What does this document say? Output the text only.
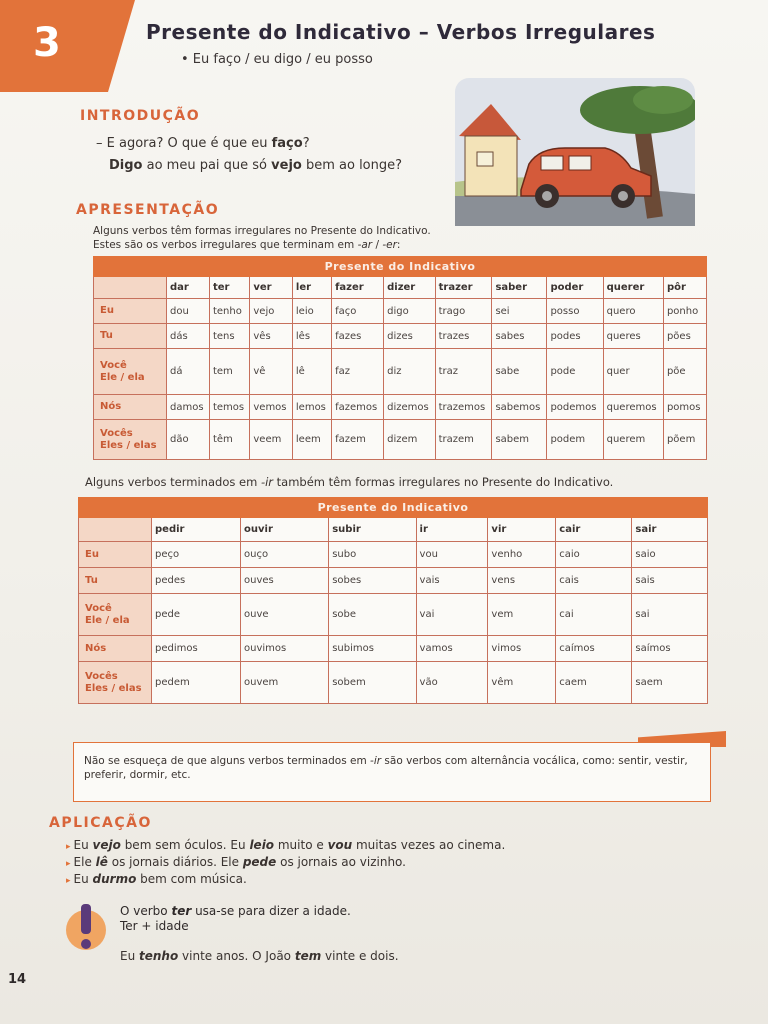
3	Presente do Indicativo – Verbos Irregulares
• Eu faço / eu digo / eu posso
INTRODUÇÃO
– E agora? O que é que eu faço?
Digo ao meu pai que só vejo bem ao longe?
APRESENTAÇÃO
Alguns verbos têm formas irregulares no Presente do Indicativo.
Estes são os verbos irregulares que terminam em -ar / -er:
Presente do Indicativo											
	dar	ter	ver	ler	fazer	dizer	trazer	saber	poder	querer	pôr
Eu	dou	tenho	vejo	leio	faço	digo	trago	sei	posso	quero	ponho
Tu	dás	tens	vês	lês	fazes	dizes	trazes	sabes	podes	queres	pões
Você
Ele / ela	dá	tem	vê	lê	faz	diz	traz	sabe	pode	quer	põe
Nós	damos	temos	vemos	lemos	fazemos	dizemos	trazemos	sabemos	podemos	queremos	pomos
Vocês
Eles / elas	dão	têm	veem	leem	fazem	dizem	trazem	sabem	podem	querem	põem
Alguns verbos terminados em -ir também têm formas irregulares no Presente do Indicativo.
Presente do Indicativo							
	pedir	ouvir	subir	ir	vir	cair	sair
Eu	peço	ouço	subo	vou	venho	caio	saio
Tu	pedes	ouves	sobes	vais	vens	cais	sais
Você
Ele / ela	pede	ouve	sobe	vai	vem	cai	sai
Nós	pedimos	ouvimos	subimos	vamos	vimos	caímos	saímos
Vocês
Eles / elas	pedem	ouvem	sobem	vão	vêm	caem	saem
Não se esqueça de que alguns verbos terminados em -ir são verbos com alternância vocálica, como: sentir, vestir, preferir, dormir, etc.
APLICAÇÃO
▸ Eu vejo bem sem óculos. Eu leio muito e vou muitas vezes ao cinema.
▸ Ele lê os jornais diários. Ele pede os jornais ao vizinho.
▸ Eu durmo bem com música.
O verbo ter usa-se para dizer a idade.
Ter + idade
Eu tenho vinte anos. O João tem vinte e dois.
14
